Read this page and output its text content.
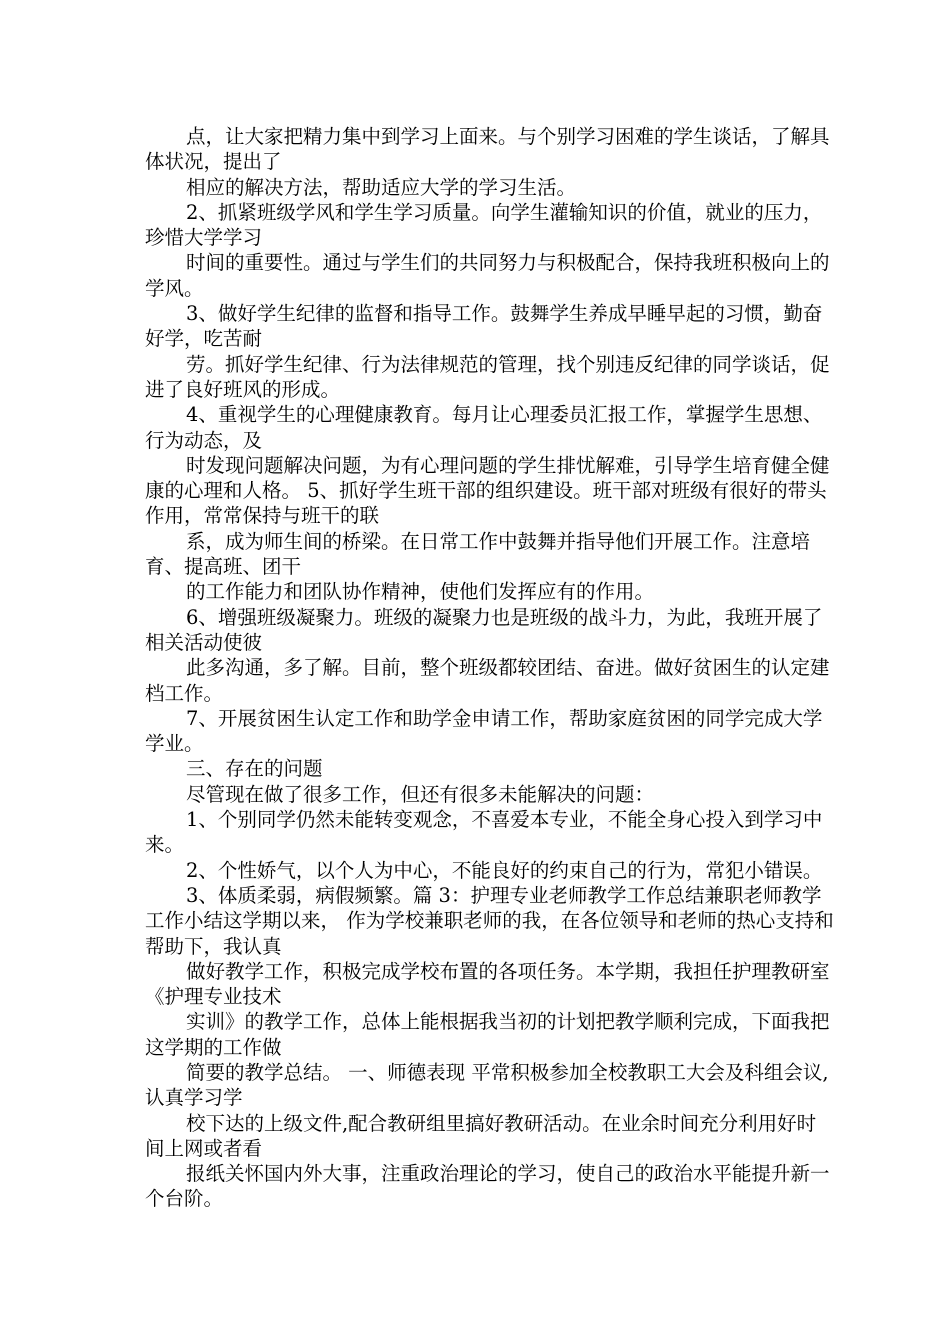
点，让大家把精力集中到学习上面来。与个别学习困难的学生谈话，了解具体状况，提出了

相应的解决方法，帮助适应大学的学习生活。

2、抓紧班级学风和学生学习质量。向学生灌输知识的价值，就业的压力，珍惜大学学习

时间的重要性。通过与学生们的共同努力与积极配合，保持我班积极向上的学风。

3、做好学生纪律的监督和指导工作。鼓舞学生养成早睡早起的习惯，勤奋好学，吃苦耐

劳。抓好学生纪律、行为法律规范的管理，找个别违反纪律的同学谈话，促进了良好班风的形成。

4、重视学生的心理健康教育。每月让心理委员汇报工作，掌握学生思想、行为动态，及

时发现问题解决问题，为有心理问题的学生排忧解难，引导学生培育健全健康的心理和人格。 5、抓好学生班干部的组织建设。班干部对班级有很好的带头作用，常常保持与班干的联

系，成为师生间的桥梁。在日常工作中鼓舞并指导他们开展工作。注意培育、提高班、团干

的工作能力和团队协作精神，使他们发挥应有的作用。

6、增强班级凝聚力。班级的凝聚力也是班级的战斗力，为此，我班开展了相关活动使彼

此多沟通，多了解。目前，整个班级都较团结、奋进。做好贫困生的认定建档工作。

7、开展贫困生认定工作和助学金申请工作，帮助家庭贫困的同学完成大学 学业。

三、存在的问题

尽管现在做了很多工作，但还有很多未能解决的问题：

1、个别同学仍然未能转变观念，不喜爱本专业，不能全身心投入到学习中来。

2、个性娇气，以个人为中心，不能良好的约束自己的行为，常犯小错误。

3、体质柔弱，病假频繁。篇 3：护理专业老师教学工作总结兼职老师教学工作小结这学期以来， 作为学校兼职老师的我，在各位领导和老师的热心支持和帮助下，我认真

做好教学工作，积极完成学校布置的各项任务。本学期，我担任护理教研室《护理专业技术

实训》的教学工作，总体上能根据我当初的计划把教学顺利完成，下面我把这学期的工作做

简要的教学总结。 一、师德表现 平常积极参加全校教职工大会及科组会议,认真学习学

校下达的上级文件,配合教研组里搞好教研活动。在业余时间充分利用好时间上网或者看

报纸关怀国内外大事，注重政治理论的学习，使自己的政治水平能提升新一个台阶。
